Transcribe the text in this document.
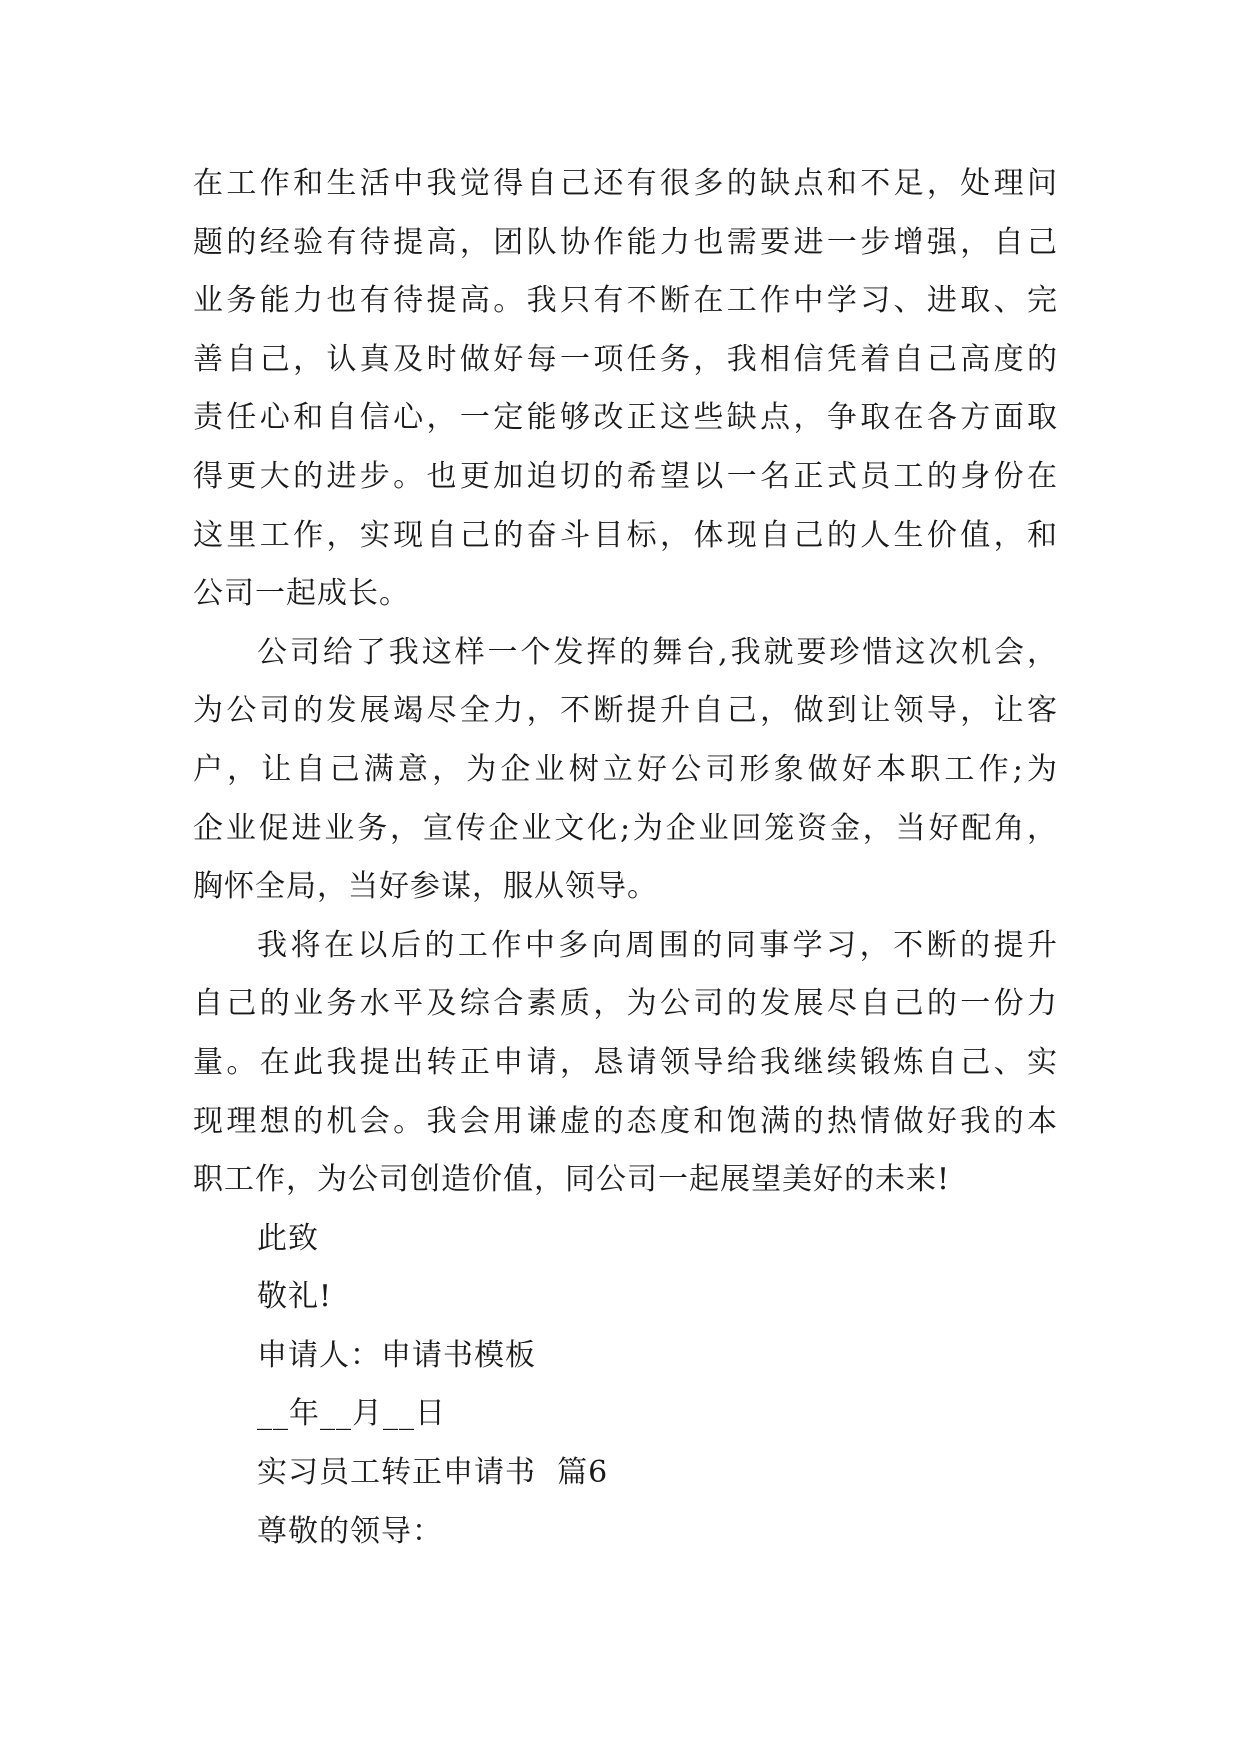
在工作和生活中我觉得自己还有很多的缺点和不足，处理问
题的经验有待提高，团队协作能力也需要进一步增强，自己
业务能力也有待提高。我只有不断在工作中学习、进取、完
善自己，认真及时做好每一项任务，我相信凭着自己高度的
责任心和自信心，一定能够改正这些缺点，争取在各方面取
得更大的进步。也更加迫切的希望以一名正式员工的身份在
这里工作，实现自己的奋斗目标，体现自己的人生价值，和
公司一起成长。
公司给了我这样一个发挥的舞台,我就要珍惜这次机会，
为公司的发展竭尽全力，不断提升自己，做到让领导，让客
户，让自己满意，为企业树立好公司形象做好本职工作;为
企业促进业务，宣传企业文化;为企业回笼资金，当好配角，
胸怀全局，当好参谋，服从领导。
我将在以后的工作中多向周围的同事学习，不断的提升
自己的业务水平及综合素质，为公司的发展尽自己的一份力
量。在此我提出转正申请，恳请领导给我继续锻炼自己、实
现理想的机会。我会用谦虚的态度和饱满的热情做好我的本
职工作，为公司创造价值，同公司一起展望美好的未来!
此致
敬礼!
申请人：申请书模板
__年__月__日
实习员工转正申请书  篇6
尊敬的领导：
